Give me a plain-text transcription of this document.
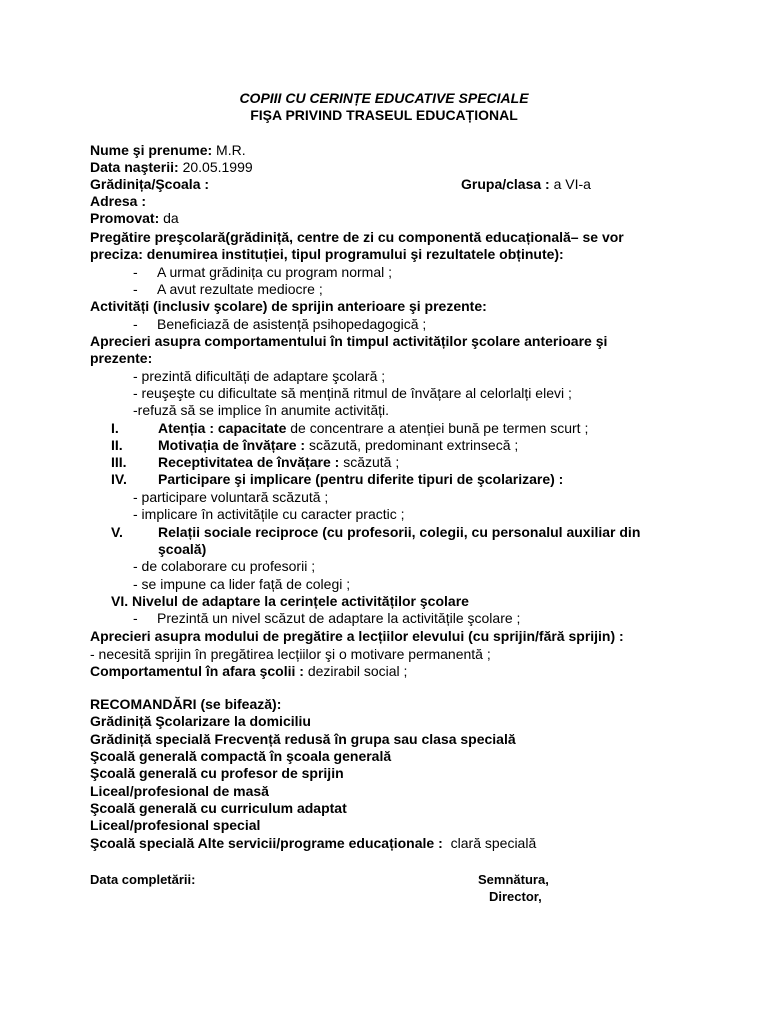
COPIII CU CERINȚE EDUCATIVE SPECIALE
FIŞA PRIVIND TRASEUL EDUCAȚIONAL
Nume şi prenume: M.R.
Data naşterii: 20.05.1999
Grădinița/Şcoala :	Grupa/clasa : a VI-a
Adresa :
Promovat: da
Pregătire preşcolară(grădiniță, centre de zi cu componentă educațională– se vor
preciza: denumirea instituției, tipul programului şi rezultatele obținute):
- A urmat grădinița cu program normal ;
- A avut rezultate mediocre ;
Activități (inclusiv şcolare) de sprijin anterioare şi prezente:
- Beneficiază de asistență psihopedagogică ;
Aprecieri asupra comportamentului în timpul activităților şcolare anterioare şi
prezente:
- prezintă dificultăți de adaptare şcolară ;
- reuşeşte cu dificultate să mențină ritmul de învățare al celorlalți elevi ;
-refuză să se implice în anumite activități.
I.	Atenția : capacitate de concentrare a atenției bună pe termen scurt ;
II.	Motivația de învățare : scăzută, predominant extrinsecă ;
III. Receptivitatea de învățare : scăzută ;
IV. Participare şi implicare (pentru diferite tipuri de şcolarizare) :
- participare voluntară scăzută ;
- implicare în activitățile cu caracter practic ;
V.	Relații sociale reciproce (cu profesorii, colegii, cu personalul auxiliar din
şcoală)
- de colaborare cu profesorii ;
- se impune ca lider față de colegi ;
VI. Nivelul de adaptare la cerințele activităților şcolare
- Prezintă un nivel scăzut de adaptare la activitățile şcolare ;
Aprecieri asupra modului de pregătire a lecțiilor elevului (cu sprijin/fără sprijin) :
- necesită sprijin în pregătirea lecțiilor şi o motivare permanentă ;
Comportamentul în afara şcolii : dezirabil social ;
RECOMANDĂRI (se bifează):
Grădiniță Şcolarizare la domiciliu
Grădiniță specială Frecvență redusă în grupa sau clasa specială
Şcoală generală compactă în şcoala generală
Şcoală generală cu profesor de sprijin
Liceal/profesional de masă
Şcoală generală cu curriculum adaptat
Liceal/profesional special
Şcoală specială Alte servicii/programe educaționale : clară specială
Data completării:	Semnătura,
Director,
